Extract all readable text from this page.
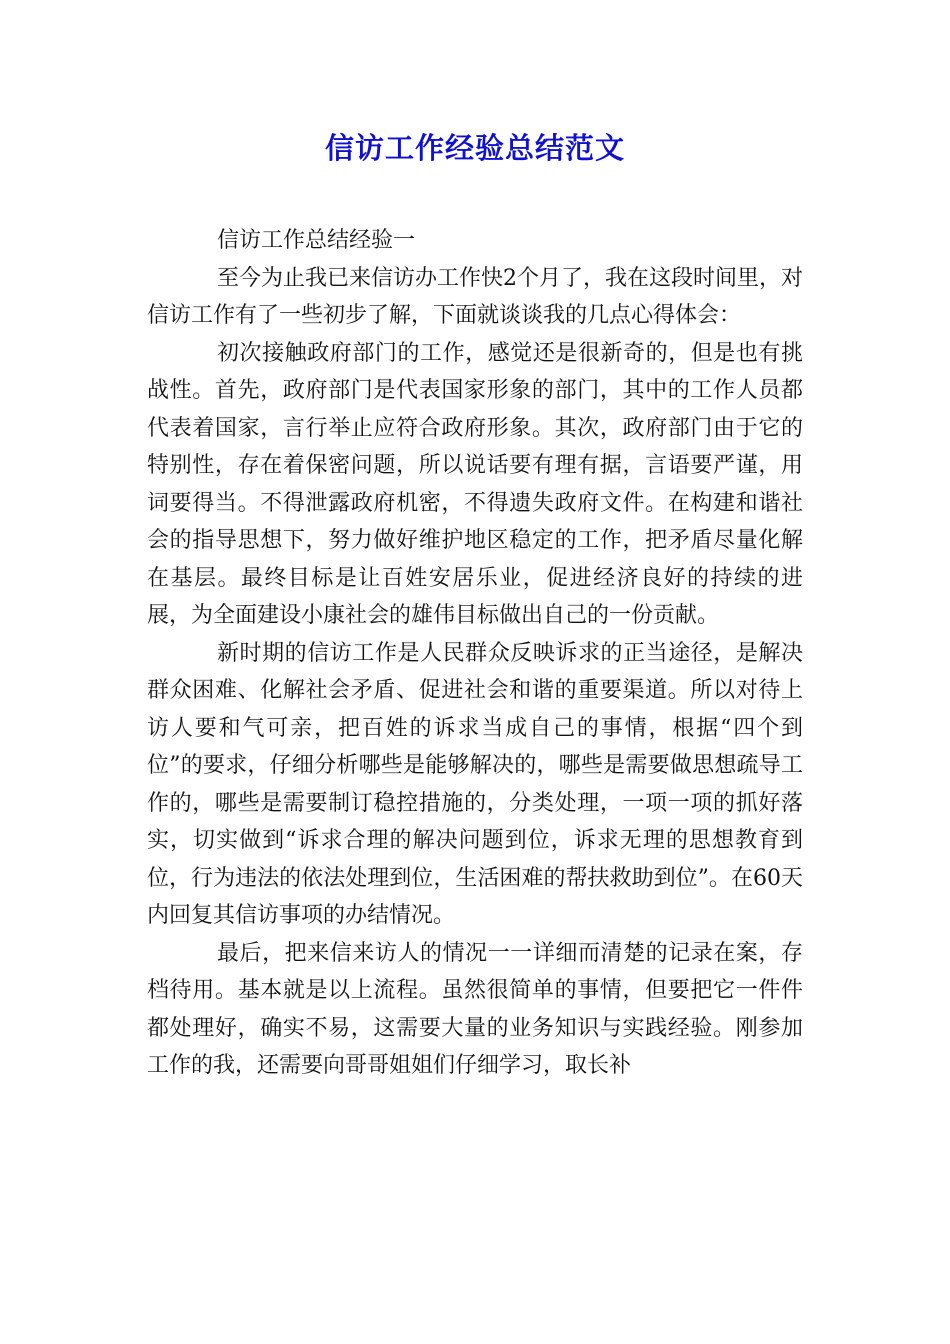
信访工作经验总结范文

信访工作总结经验一

至今为止我已来信访办工作快2个月了，我在这段时间里，对信访工作有了一些初步了解，下面就谈谈我的几点心得体会：

初次接触政府部门的工作，感觉还是很新奇的，但是也有挑战性。首先，政府部门是代表国家形象的部门，其中的工作人员都代表着国家，言行举止应符合政府形象。其次，政府部门由于它的特别性，存在着保密问题，所以说话要有理有据，言语要严谨，用词要得当。不得泄露政府机密，不得遗失政府文件。在构建和谐社会的指导思想下，努力做好维护地区稳定的工作，把矛盾尽量化解在基层。最终目标是让百姓安居乐业，促进经济良好的持续的进展，为全面建设小康社会的雄伟目标做出自己的一份贡献。

新时期的信访工作是人民群众反映诉求的正当途径，是解决群众困难、化解社会矛盾、促进社会和谐的重要渠道。所以对待上访人要和气可亲，把百姓的诉求当成自己的事情，根据“四个到位”的要求，仔细分析哪些是能够解决的，哪些是需要做思想疏导工作的，哪些是需要制订稳控措施的，分类处理，一项一项的抓好落实，切实做到“诉求合理的解决问题到位，诉求无理的思想教育到位，行为违法的依法处理到位，生活困难的帮扶救助到位”。在60天内回复其信访事项的办结情况。

最后，把来信来访人的情况一一详细而清楚的记录在案，存档待用。基本就是以上流程。虽然很简单的事情，但要把它一件件都处理好，确实不易，这需要大量的业务知识与实践经验。刚参加工作的我，还需要向哥哥姐姐们仔细学习，取长补
